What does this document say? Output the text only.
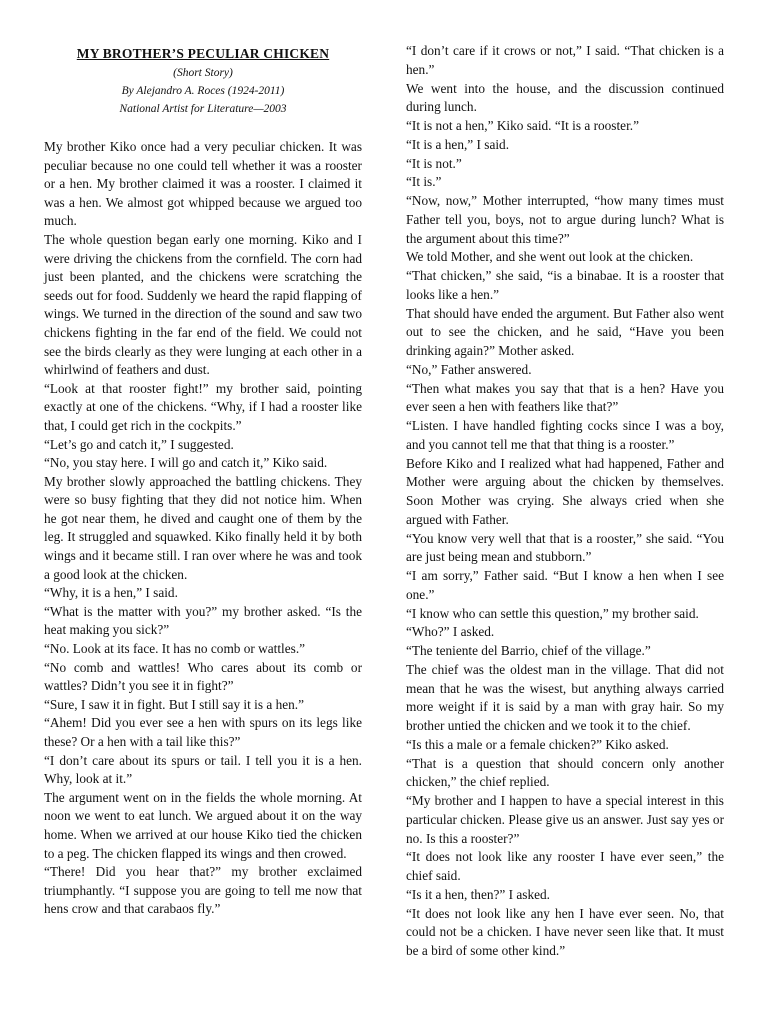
MY BROTHER’S PECULIAR CHICKEN
(Short Story)
By Alejandro A. Roces (1924-2011)
National Artist for Literature—2003

My brother Kiko once had a very peculiar chicken. It was peculiar because no one could tell whether it was a rooster or a hen. My brother claimed it was a rooster. I claimed it was a hen. We almost got whipped because we argued too much.

The whole question began early one morning. Kiko and I were driving the chickens from the cornfield. The corn had just been planted, and the chickens were scratching the seeds out for food. Suddenly we heard the rapid flapping of wings. We turned in the direction of the sound and saw two chickens fighting in the far end of the field. We could not see the birds clearly as they were lunging at each other in a whirlwind of feathers and dust.

“Look at that rooster fight!” my brother said, pointing exactly at one of the chickens. “Why, if I had a rooster like that, I could get rich in the cockpits.”

“Let’s go and catch it,” I suggested.

“No, you stay here. I will go and catch it,” Kiko said.

My brother slowly approached the battling chickens. They were so busy fighting that they did not notice him. When he got near them, he dived and caught one of them by the leg. It struggled and squawked. Kiko finally held it by both wings and it became still. I ran over where he was and took a good look at the chicken.

“Why, it is a hen,” I said.

“What is the matter with you?” my brother asked. “Is the heat making you sick?”

“No. Look at its face. It has no comb or wattles.”

“No comb and wattles! Who cares about its comb or wattles? Didn’t you see it in fight?”

“Sure, I saw it in fight. But I still say it is a hen.”

“Ahem! Did you ever see a hen with spurs on its legs like these? Or a hen with a tail like this?”

“I don’t care about its spurs or tail. I tell you it is a hen. Why, look at it.”

The argument went on in the fields the whole morning. At noon we went to eat lunch. We argued about it on the way home. When we arrived at our house Kiko tied the chicken to a peg. The chicken flapped its wings and then crowed.

“There! Did you hear that?” my brother exclaimed triumphantly. “I suppose you are going to tell me now that hens crow and that carabaos fly.”

“I don’t care if it crows or not,” I said. “That chicken is a hen.”

We went into the house, and the discussion continued during lunch.

“It is not a hen,” Kiko said. “It is a rooster.”

“It is a hen,” I said.

“It is not.”

“It is.”

“Now, now,” Mother interrupted, “how many times must Father tell you, boys, not to argue during lunch? What is the argument about this time?”

We told Mother, and she went out look at the chicken.

“That chicken,” she said, “is a binabae. It is a rooster that looks like a hen.”

That should have ended the argument. But Father also went out to see the chicken, and he said, “Have you been drinking again?” Mother asked.

“No,” Father answered.

“Then what makes you say that that is a hen? Have you ever seen a hen with feathers like that?”

“Listen. I have handled fighting cocks since I was a boy, and you cannot tell me that that thing is a rooster.”

Before Kiko and I realized what had happened, Father and Mother were arguing about the chicken by themselves. Soon Mother was crying. She always cried when she argued with Father.

“You know very well that that is a rooster,” she said. “You are just being mean and stubborn.”

“I am sorry,” Father said. “But I know a hen when I see one.”

“I know who can settle this question,” my brother said.

“Who?” I asked.

“The teniente del Barrio, chief of the village.”

The chief was the oldest man in the village. That did not mean that he was the wisest, but anything always carried more weight if it is said by a man with gray hair. So my brother untied the chicken and we took it to the chief.

“Is this a male or a female chicken?” Kiko asked.

“That is a question that should concern only another chicken,” the chief replied.

“My brother and I happen to have a special interest in this particular chicken. Please give us an answer. Just say yes or no. Is this a rooster?”

“It does not look like any rooster I have ever seen,” the chief said.

“Is it a hen, then?” I asked.

“It does not look like any hen I have ever seen. No, that could not be a chicken. I have never seen like that. It must be a bird of some other kind.”
